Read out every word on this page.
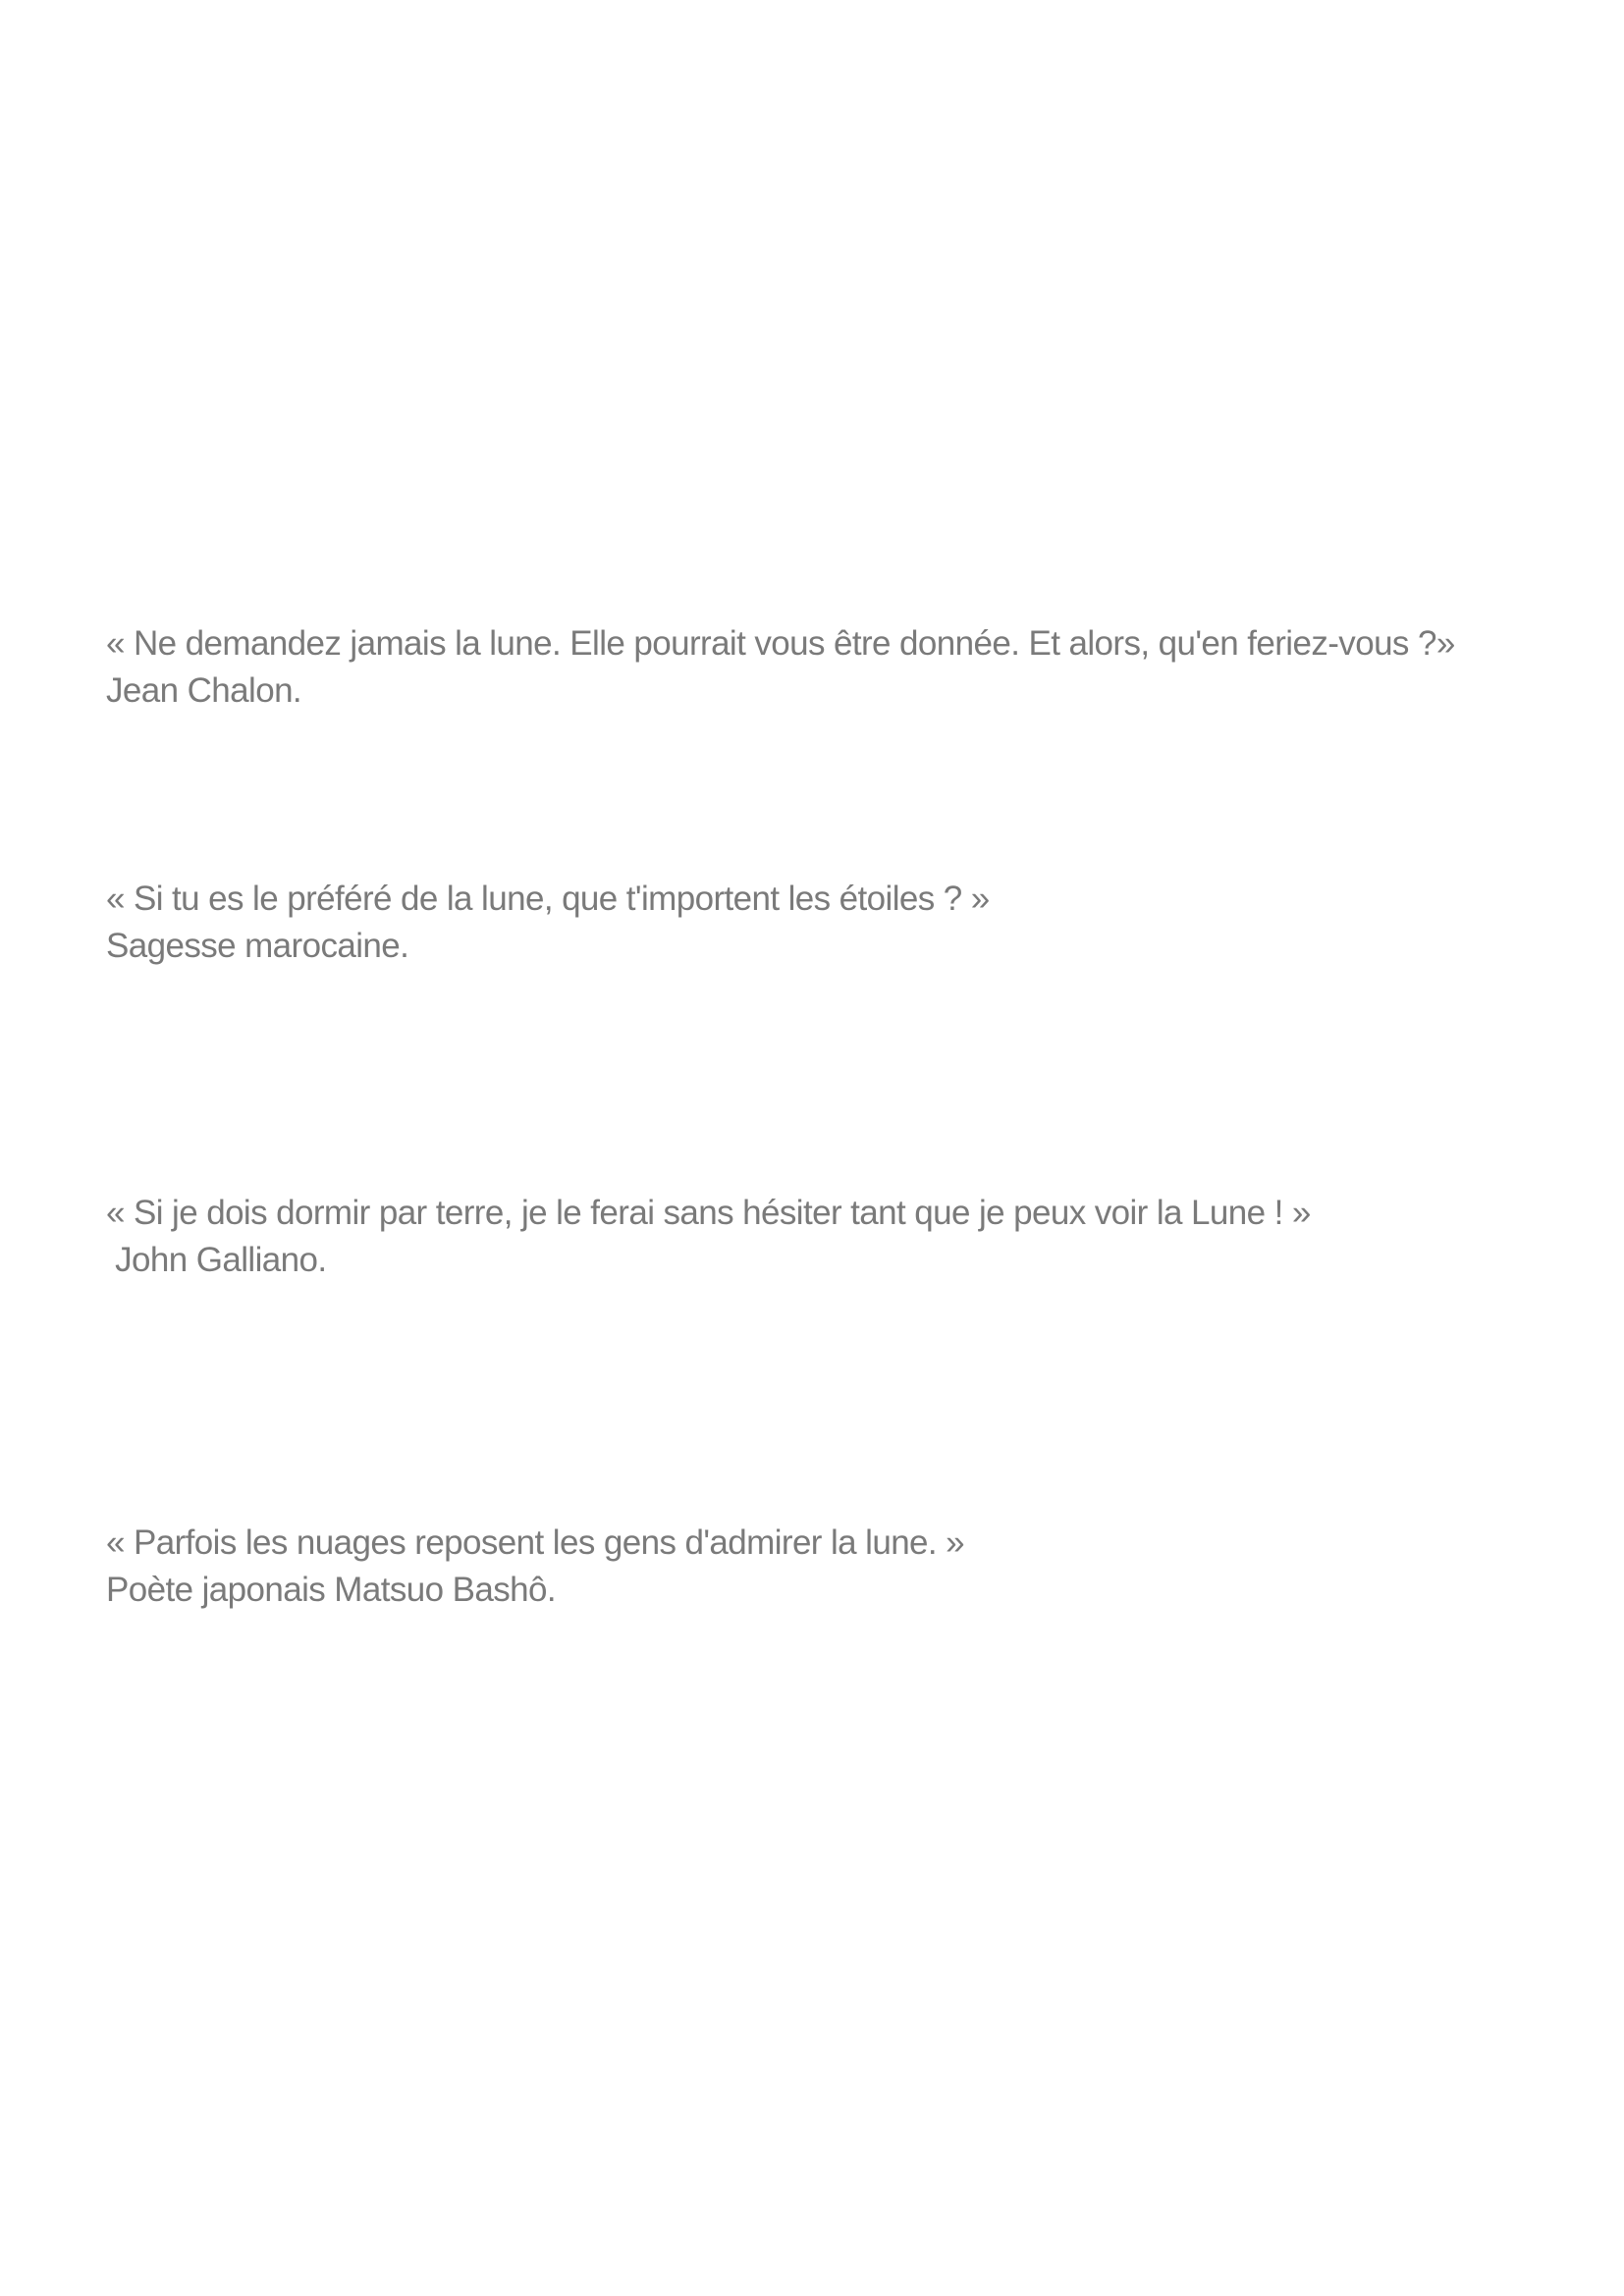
« Ne demandez jamais la lune. Elle pourrait vous être donnée. Et alors, qu'en feriez-vous ?»
Jean Chalon.
« Si tu es le préféré de la lune, que t'importent les étoiles ? »
Sagesse marocaine.
« Si je dois dormir par terre, je le ferai sans hésiter tant que je peux voir la Lune ! »
John Galliano.
« Parfois les nuages reposent les gens d'admirer la lune. »
Poète japonais Matsuo Bashô.
